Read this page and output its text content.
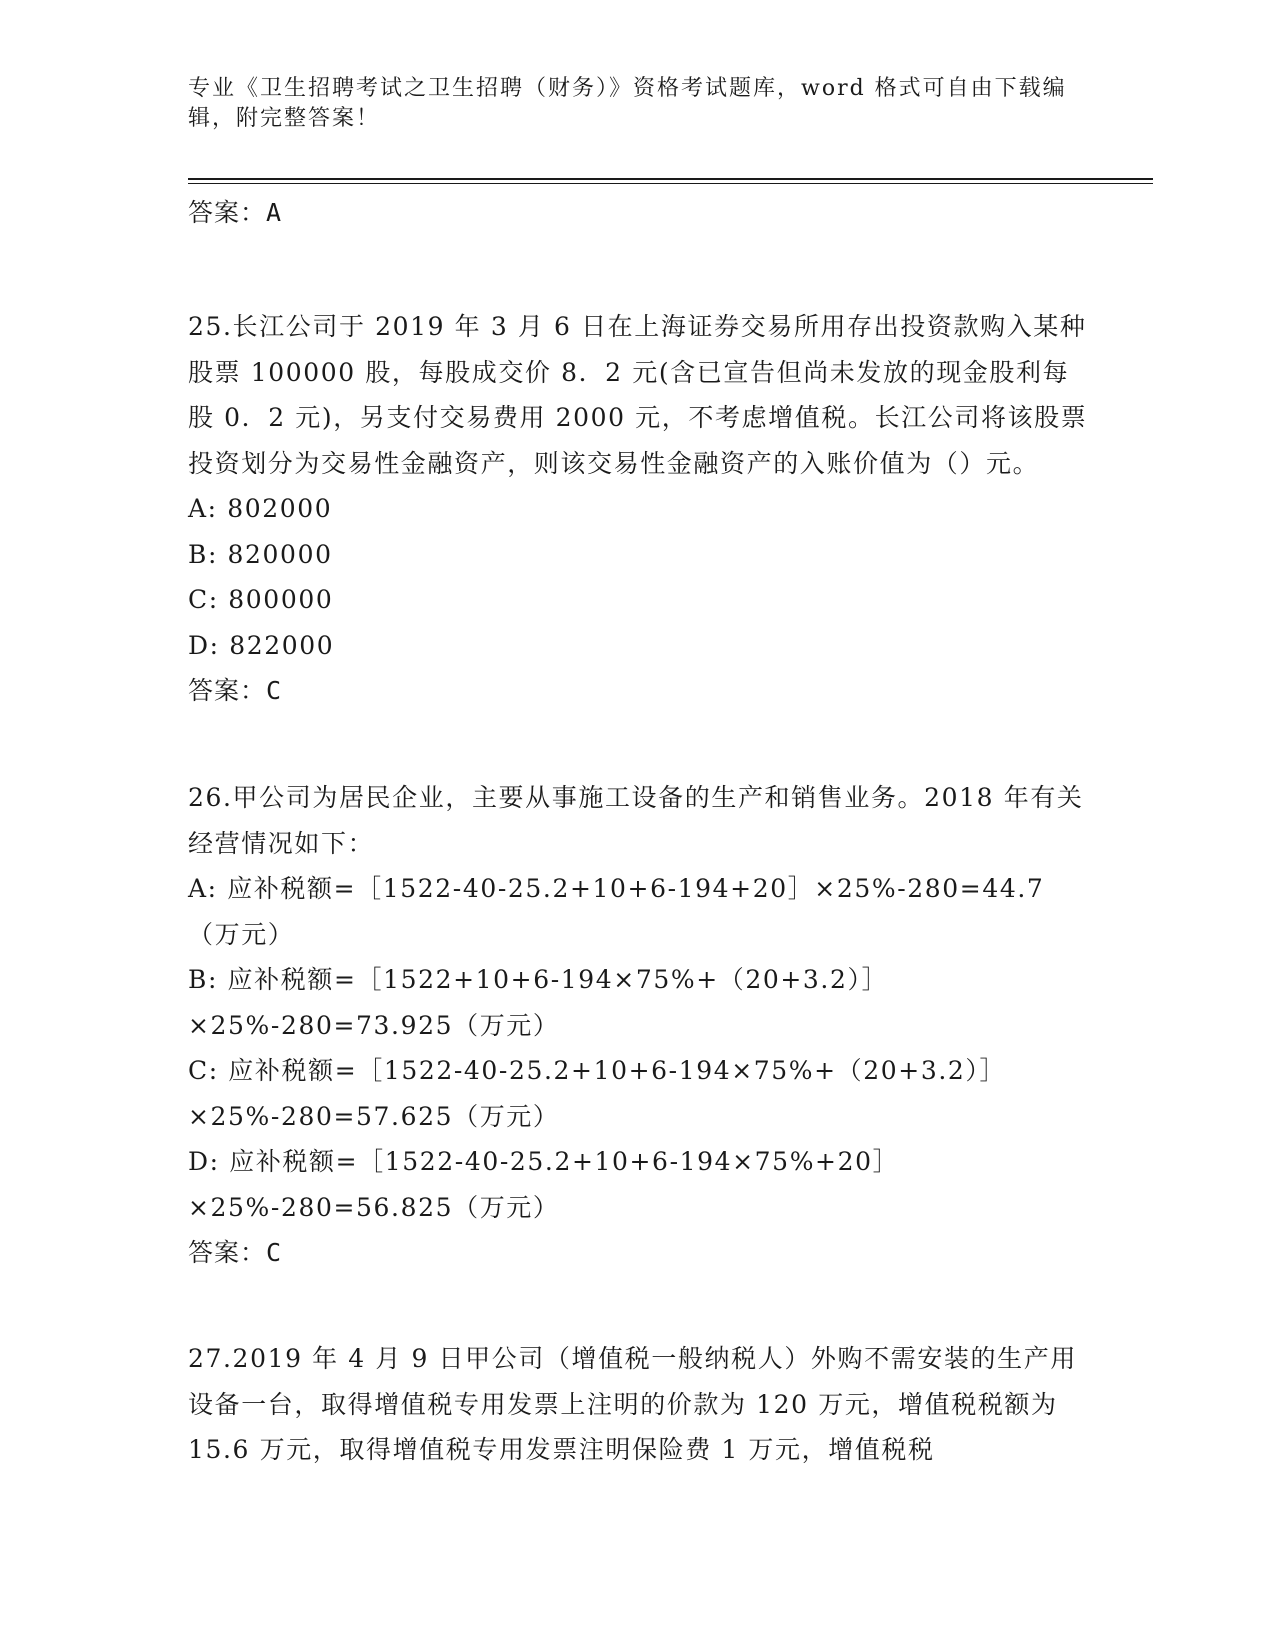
专业《卫生招聘考试之卫生招聘（财务）》资格考试题库，word 格式可自由下载编辑，附完整答案！
答案：A
25.长江公司于 2019 年 3 月 6 日在上海证券交易所用存出投资款购入某种股票 100000 股，每股成交价 8．2 元(含已宣告但尚未发放的现金股利每股 0．2 元)，另支付交易费用 2000 元，不考虑增值税。长江公司将该股票投资划分为交易性金融资产，则该交易性金融资产的入账价值为（）元。
A: 802000
B: 820000
C: 800000
D: 822000
答案：C
26.甲公司为居民企业，主要从事施工设备的生产和销售业务。2018 年有关经营情况如下：
A: 应补税额=［1522-40-25.2+10+6-194+20］×25%-280=44.7（万元）
B: 应补税额=［1522+10+6-194×75%+（20+3.2）］×25%-280=73.925（万元）
C: 应补税额=［1522-40-25.2+10+6-194×75%+（20+3.2）］×25%-280=57.625（万元）
D: 应补税额=［1522-40-25.2+10+6-194×75%+20］×25%-280=56.825（万元）
答案：C
27.2019 年 4 月 9 日甲公司（增值税一般纳税人）外购不需安装的生产用设备一台，取得增值税专用发票上注明的价款为 120 万元，增值税税额为 15.6 万元，取得增值税专用发票注明保险费 1 万元，增值税税
